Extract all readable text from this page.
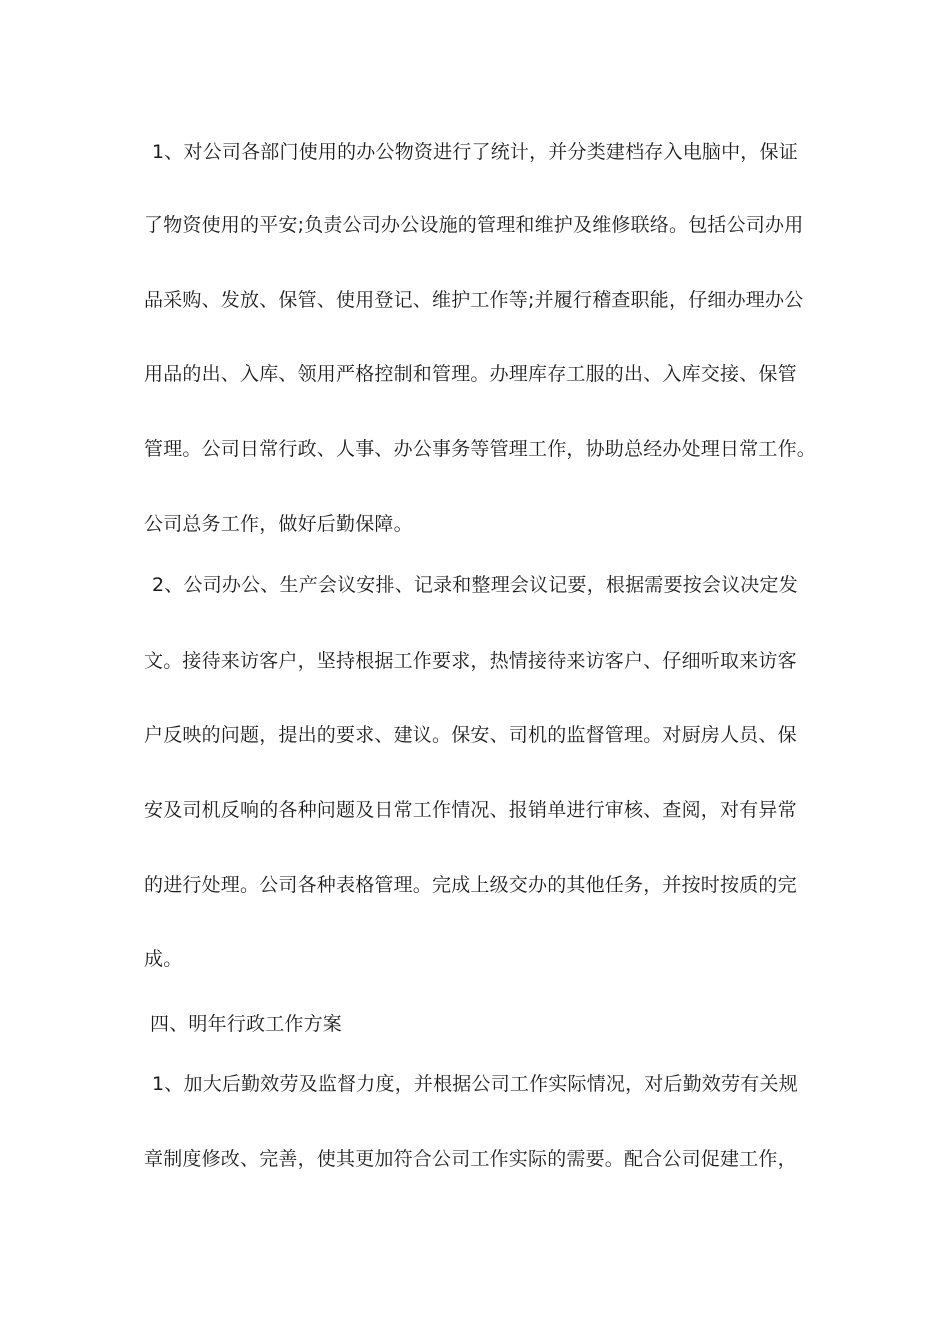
1、对公司各部门使用的办公物资进行了统计，并分类建档存入电脑中，保证
了物资使用的平安;负责公司办公设施的管理和维护及维修联络。包括公司办用
品采购、发放、保管、使用登记、维护工作等;并履行稽查职能，仔细办理办公
用品的出、入库、领用严格控制和管理。办理库存工服的出、入库交接、保管
管理。公司日常行政、人事、办公事务等管理工作，协助总经办处理日常工作。
公司总务工作，做好后勤保障。
2、公司办公、生产会议安排、记录和整理会议记要，根据需要按会议决定发
文。接待来访客户，坚持根据工作要求，热情接待来访客户、仔细听取来访客
户反映的问题，提出的要求、建议。保安、司机的监督管理。对厨房人员、保
安及司机反响的各种问题及日常工作情况、报销单进行审核、查阅，对有异常
的进行处理。公司各种表格管理。完成上级交办的其他任务，并按时按质的完
成。
四、明年行政工作方案
1、加大后勤效劳及监督力度，并根据公司工作实际情况，对后勤效劳有关规
章制度修改、完善，使其更加符合公司工作实际的需要。配合公司促建工作，
